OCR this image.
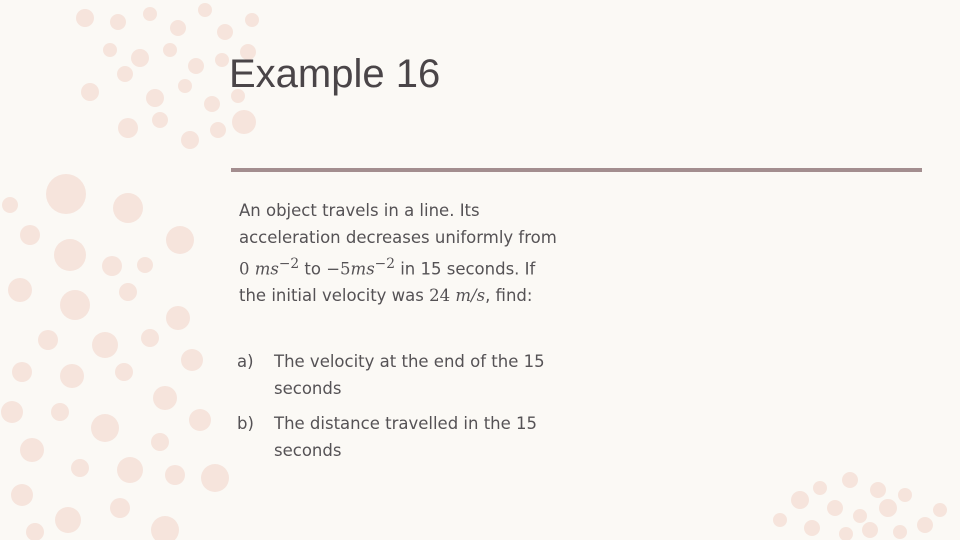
Example 16
An object travels in a line. Its
acceleration decreases uniformly from
0 $ms^{-2}$ to $-5ms^{-2}$ in 15 seconds. If
the initial velocity was 24 m/s, find:
a) The velocity at the end of the 15
seconds
b) The distance travelled in the 15
seconds
